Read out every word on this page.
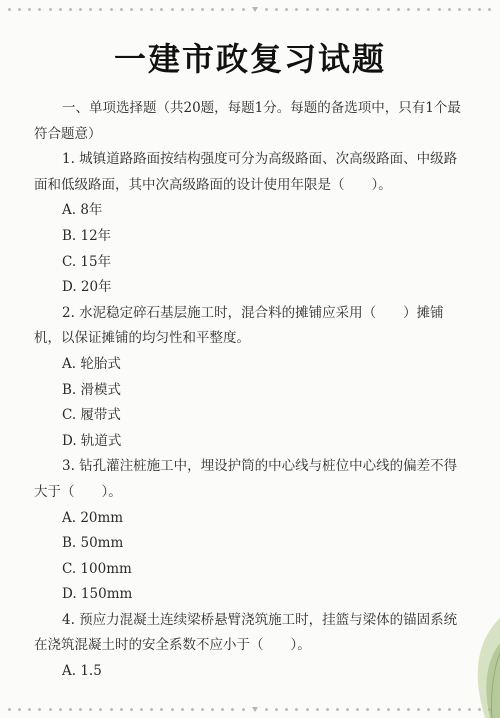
一建市政复习试题

一、单项选择题（共20题，每题1分。每题的备选项中，只有1个最符合题意）

1. 城镇道路路面按结构强度可分为高级路面、次高级路面、中级路面和低级路面，其中次高级路面的设计使用年限是（　　）。

A. 8年

B. 12年

C. 15年

D. 20年

2. 水泥稳定碎石基层施工时，混合料的摊铺应采用（　　）摊铺机，以保证摊铺的均匀性和平整度。

A. 轮胎式

B. 滑模式

C. 履带式

D. 轨道式

3. 钻孔灌注桩施工中，埋设护筒的中心线与桩位中心线的偏差不得大于（　　）。

A. 20mm

B. 50mm

C. 100mm

D. 150mm

4. 预应力混凝土连续梁桥悬臂浇筑施工时，挂篮与梁体的锚固系统在浇筑混凝土时的安全系数不应小于（　　）。

A. 1.5
